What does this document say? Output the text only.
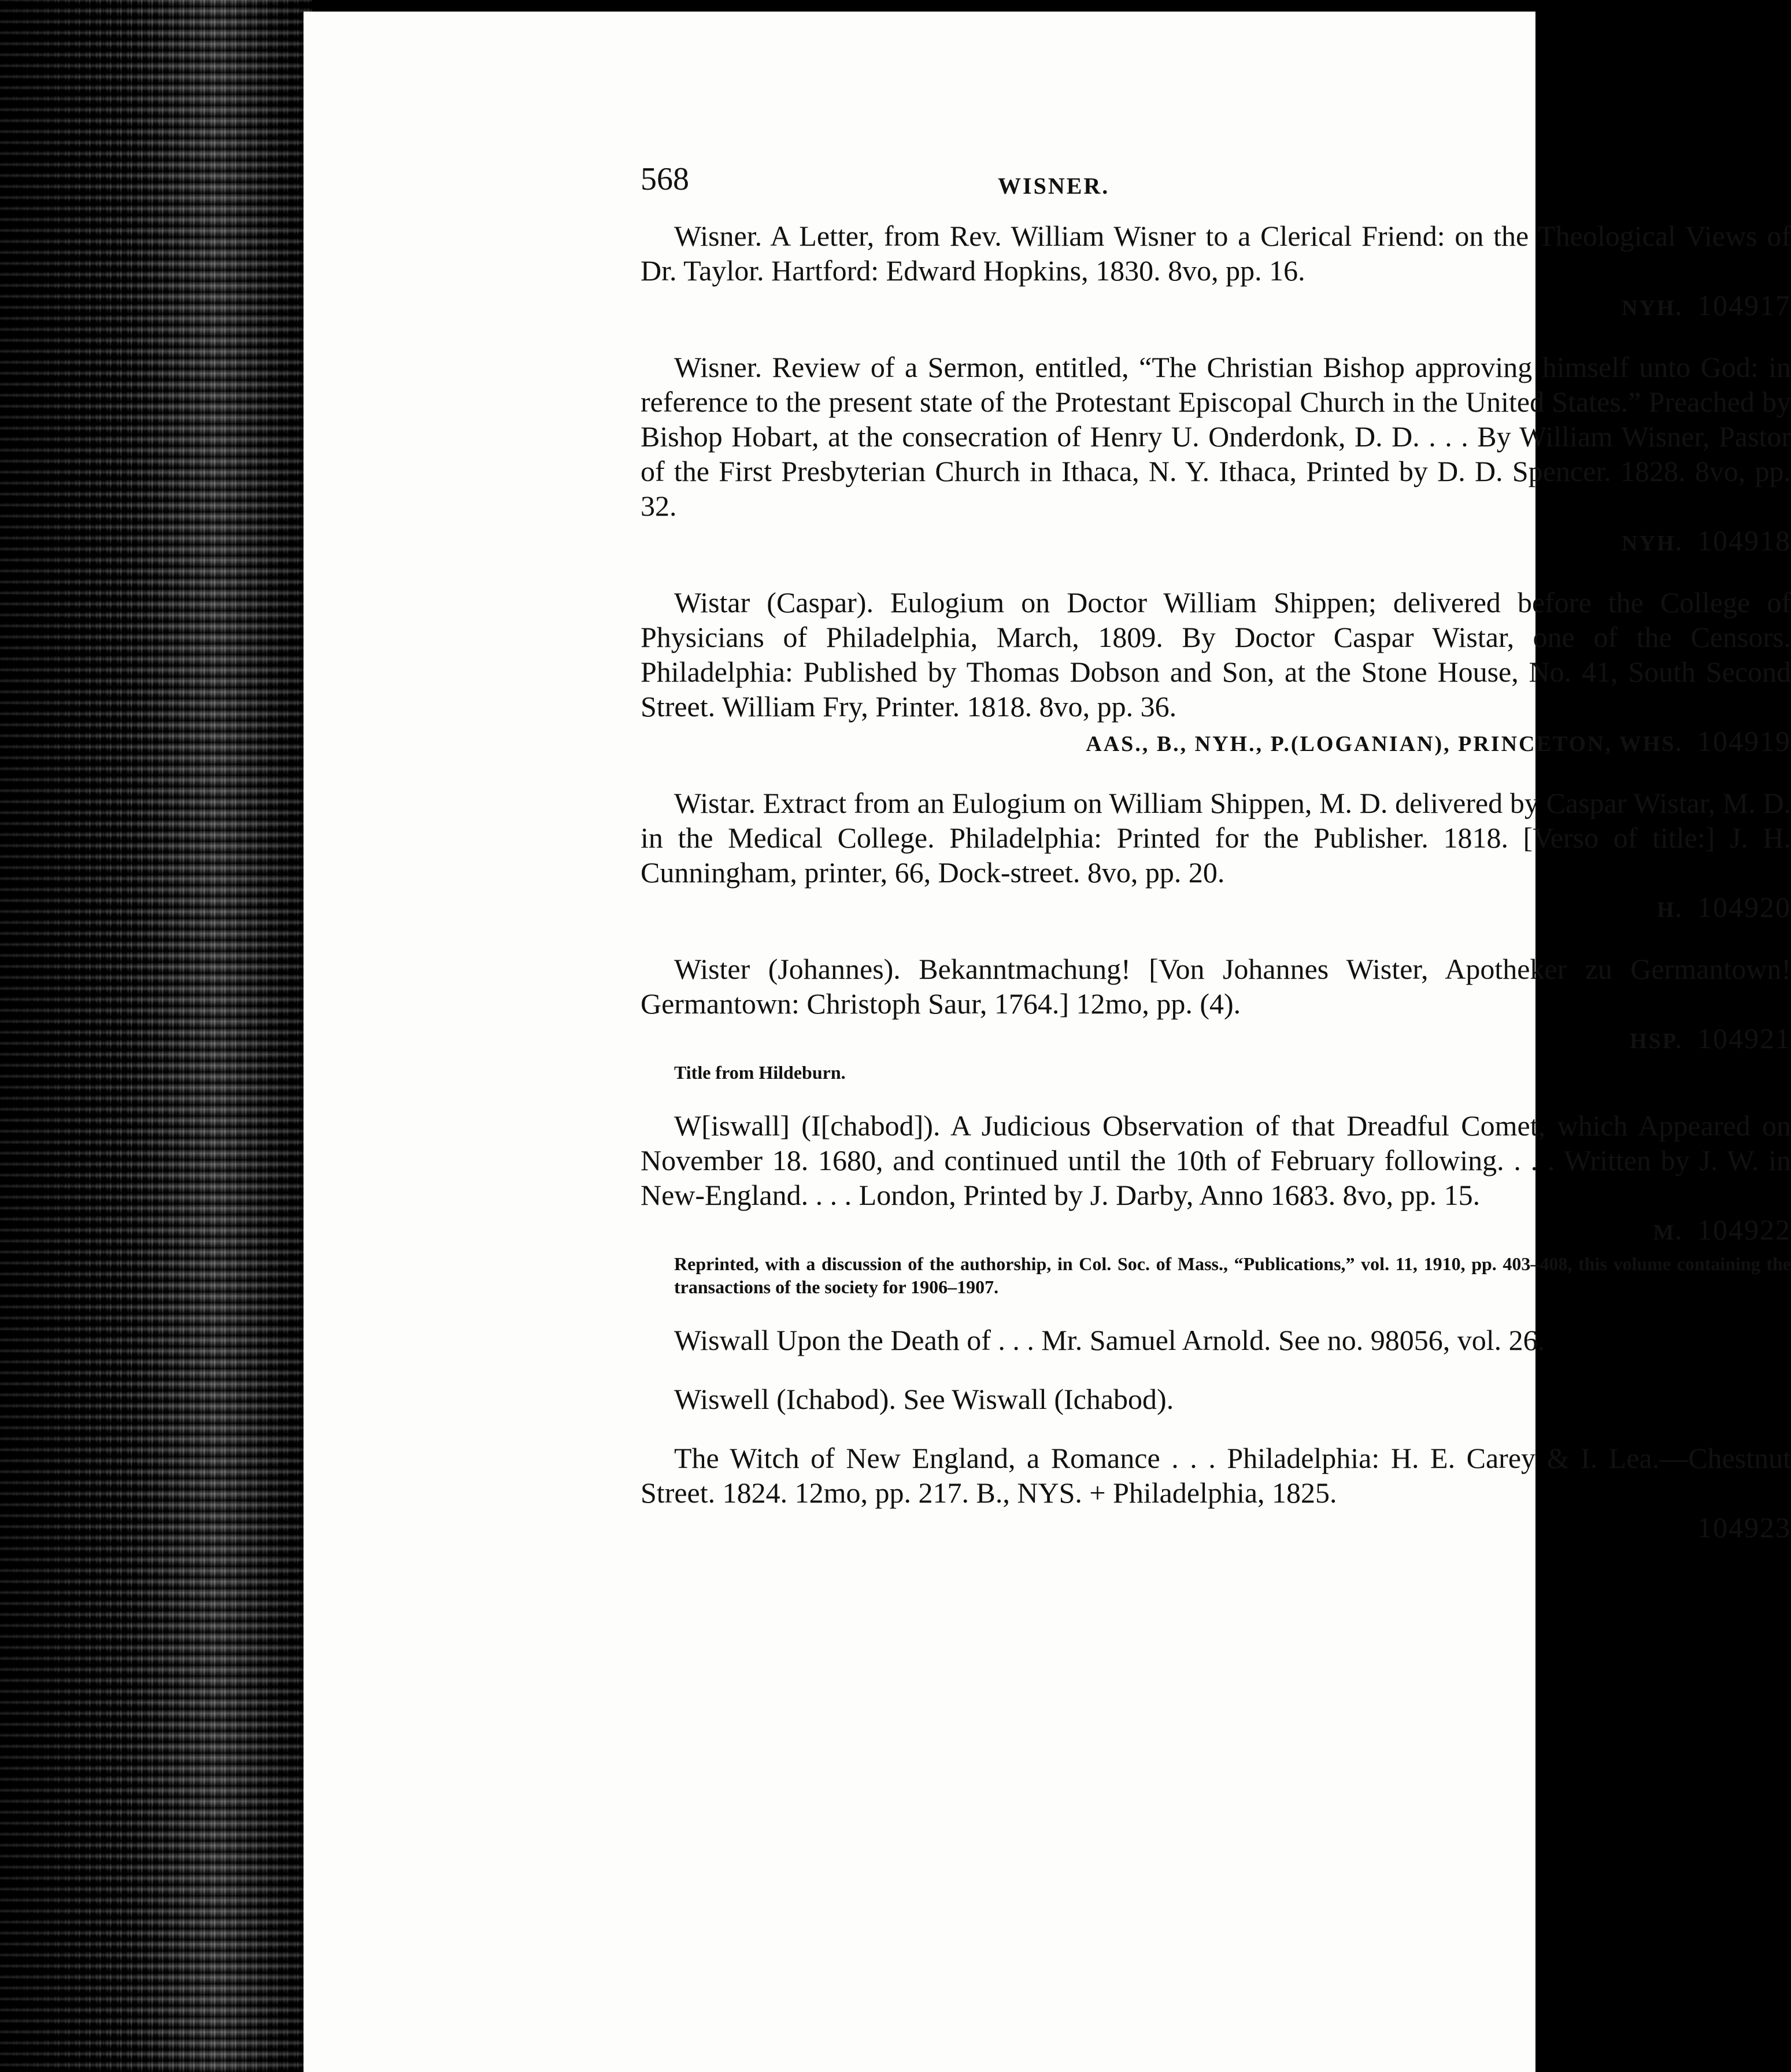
568	WISNER.

Wisner. A Letter, from Rev. William Wisner to a Clerical Friend: on the Theological Views of Dr. Taylor. Hartford: Edward Hopkins, 1830. 8vo, pp. 16.

NYH. 104917

Wisner. Review of a Sermon, entitled, “The Christian Bishop approving himself unto God: in reference to the present state of the Protestant Episcopal Church in the United States.” Preached by Bishop Hobart, at the consecration of Henry U. Onderdonk, D. D. . . . By William Wisner, Pastor of the First Presbyterian Church in Ithaca, N. Y. Ithaca, Printed by D. D. Spencer. 1828. 8vo, pp. 32.

NYH. 104918

Wistar (Caspar). Eulogium on Doctor William Shippen; delivered before the College of Physicians of Philadelphia, March, 1809. By Doctor Caspar Wistar, one of the Censors. Philadelphia: Published by Thomas Dobson and Son, at the Stone House, No. 41, South Second Street. William Fry, Printer. 1818. 8vo, pp. 36.

AAS., B., NYH., P.(LOGANIAN), PRINCETON, WHS. 104919

Wistar. Extract from an Eulogium on William Shippen, M. D. delivered by Caspar Wistar, M. D. in the Medical College. Philadelphia: Printed for the Publisher. 1818. [Verso of title:] J. H. Cunningham, printer, 66, Dock-street. 8vo, pp. 20.

H. 104920

Wister (Johannes). Bekanntmachung! [Von Johannes Wister, Apotheker zu Germantown! Germantown: Christoph Saur, 1764.] 12mo, pp. (4).

HSP. 104921
Title from Hildeburn.

W[iswall] (I[chabod]). A Judicious Observation of that Dreadful Comet, which Appeared on November 18. 1680, and continued until the 10th of February following. . . . Written by J. W. in New-England. . . . London, Printed by J. Darby, Anno 1683. 8vo, pp. 15.

M. 104922
Reprinted, with a discussion of the authorship, in Col. Soc. of Mass., “Publications,” vol. 11, 1910, pp. 403–408, this volume containing the transactions of the society for 1906–1907.

Wiswall Upon the Death of . . . Mr. Samuel Arnold. See no. 98056, vol. 26.

Wiswell (Ichabod). See Wiswall (Ichabod).

The Witch of New England, a Romance . . . Philadelphia: H. E. Carey & I. Lea.—Chestnut Street. 1824. 12mo, pp. 217. B., NYS. + Philadelphia, 1825.

104923
